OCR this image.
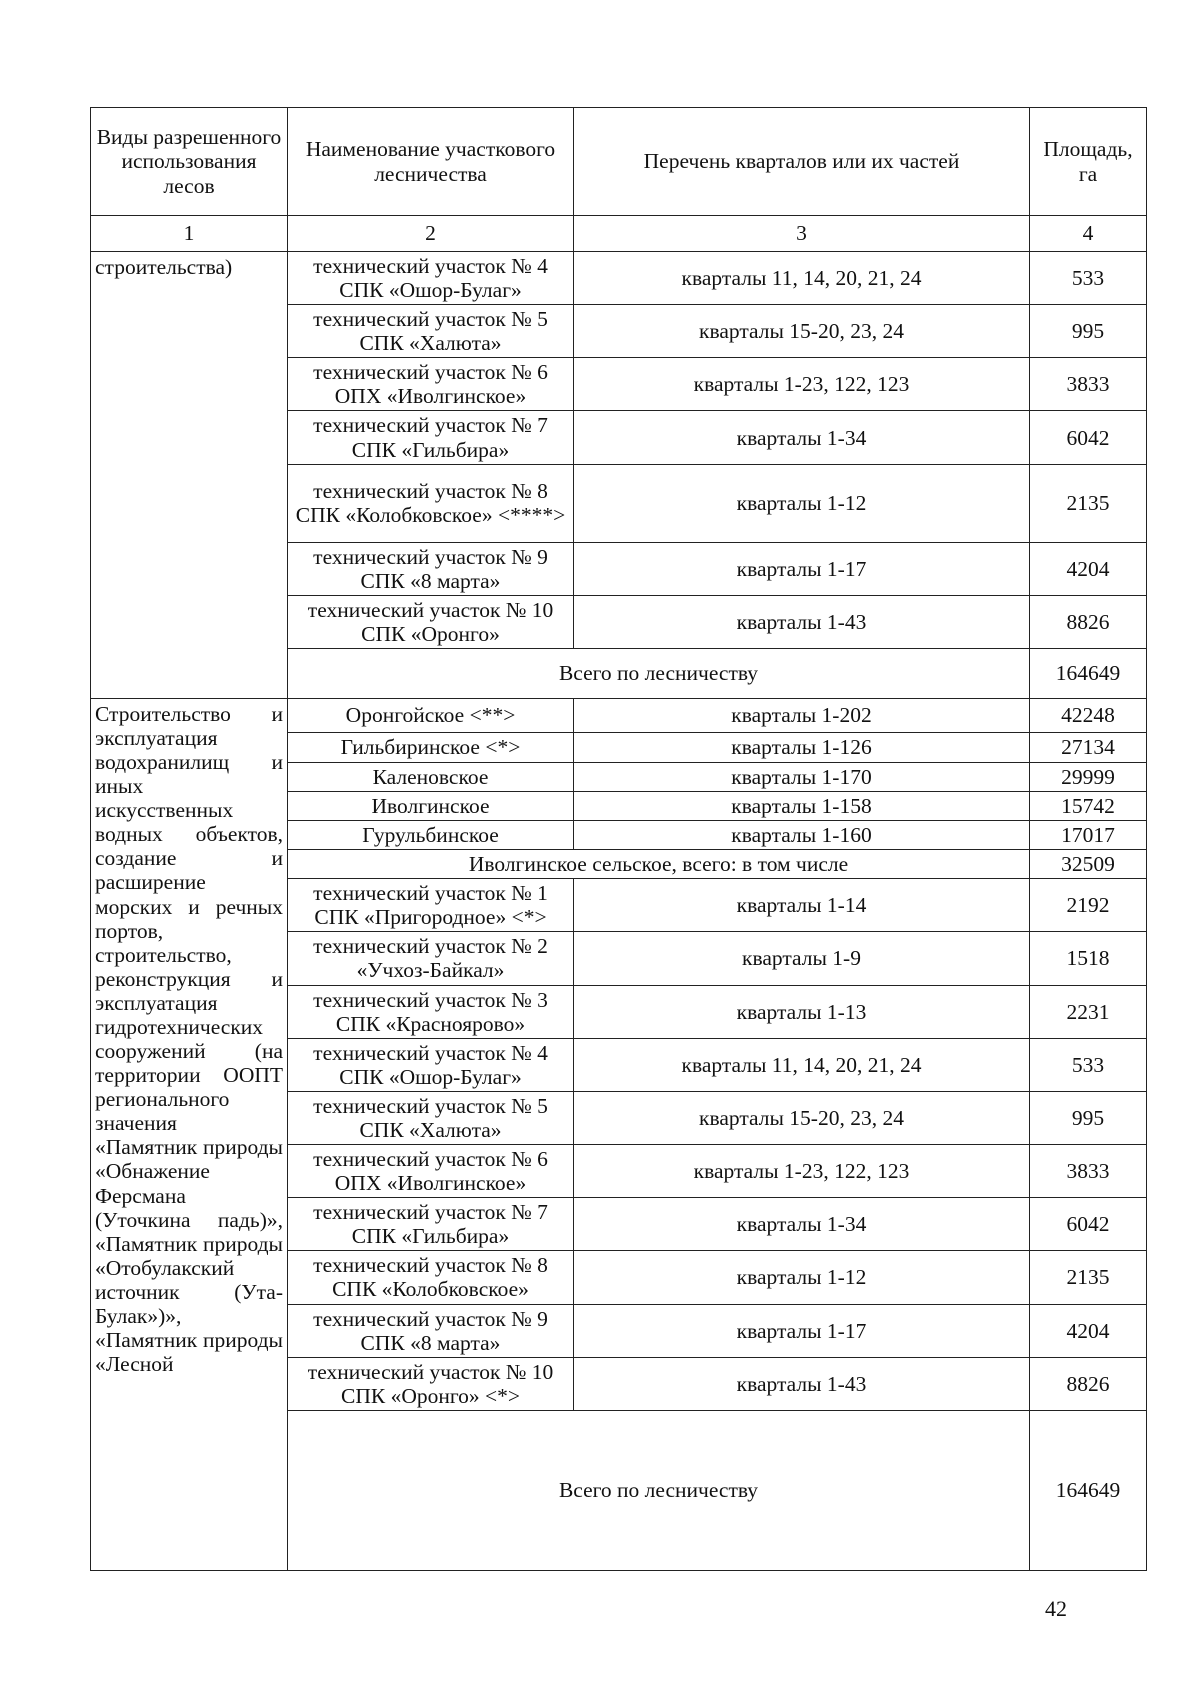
Виды разрешенного использования лесов	Наименование участкового лесничества	Перечень кварталов или их частей	Площадь, га
1	2	3	4
строительства)	технический участок № 4 СПК «Ошор-Булаг»	кварталы 11, 14, 20, 21, 24	533
	технический участок № 5 СПК «Халюта»	кварталы 15-20, 23, 24	995
	технический участок № 6 ОПХ «Иволгинское»	кварталы 1-23, 122, 123	3833
	технический участок № 7 СПК «Гильбира»	кварталы 1-34	6042
	технический участок № 8 СПК «Колобковское» <****>	кварталы 1-12	2135
	технический участок № 9 СПК «8 марта»	кварталы 1-17	4204
	технический участок № 10 СПК «Оронго»	кварталы 1-43	8826
	Всего по лесничеству		164649
Строительство и эксплуатация водохранилищ и иных искусственных водных объектов, создание и расширение морских и речных портов, строительство, реконструкция и эксплуатация гидротехнических сооружений (на территории ООПТ регионального значения «Памятник природы «Обнажение Ферсмана (Уточкина падь)», «Памятник природы «Отобулакский источник (Ута-Булак»)», «Памятник природы «Лесной	Оронгойское <**>	кварталы 1-202	42248
	Гильбиринское <*>	кварталы 1-126	27134
	Каленовское	кварталы 1-170	29999
	Иволгинское	кварталы 1-158	15742
	Гурульбинское	кварталы 1-160	17017
	Иволгинское сельское, всего: в том числе		32509
	технический участок № 1 СПК «Пригородное» <*>	кварталы 1-14	2192
	технический участок № 2 «Учхоз-Байкал»	кварталы 1-9	1518
	технический участок № 3 СПК «Красноярово»	кварталы 1-13	2231
	технический участок № 4 СПК «Ошор-Булаг»	кварталы 11, 14, 20, 21, 24	533
	технический участок № 5 СПК «Халюта»	кварталы 15-20, 23, 24	995
	технический участок № 6 ОПХ «Иволгинское»	кварталы 1-23, 122, 123	3833
	технический участок № 7 СПК «Гильбира»	кварталы 1-34	6042
	технический участок № 8 СПК «Колобковское»	кварталы 1-12	2135
	технический участок № 9 СПК «8 марта»	кварталы 1-17	4204
	технический участок № 10 СПК «Оронго» <*>	кварталы 1-43	8826
	Всего по лесничеству		164649
42
